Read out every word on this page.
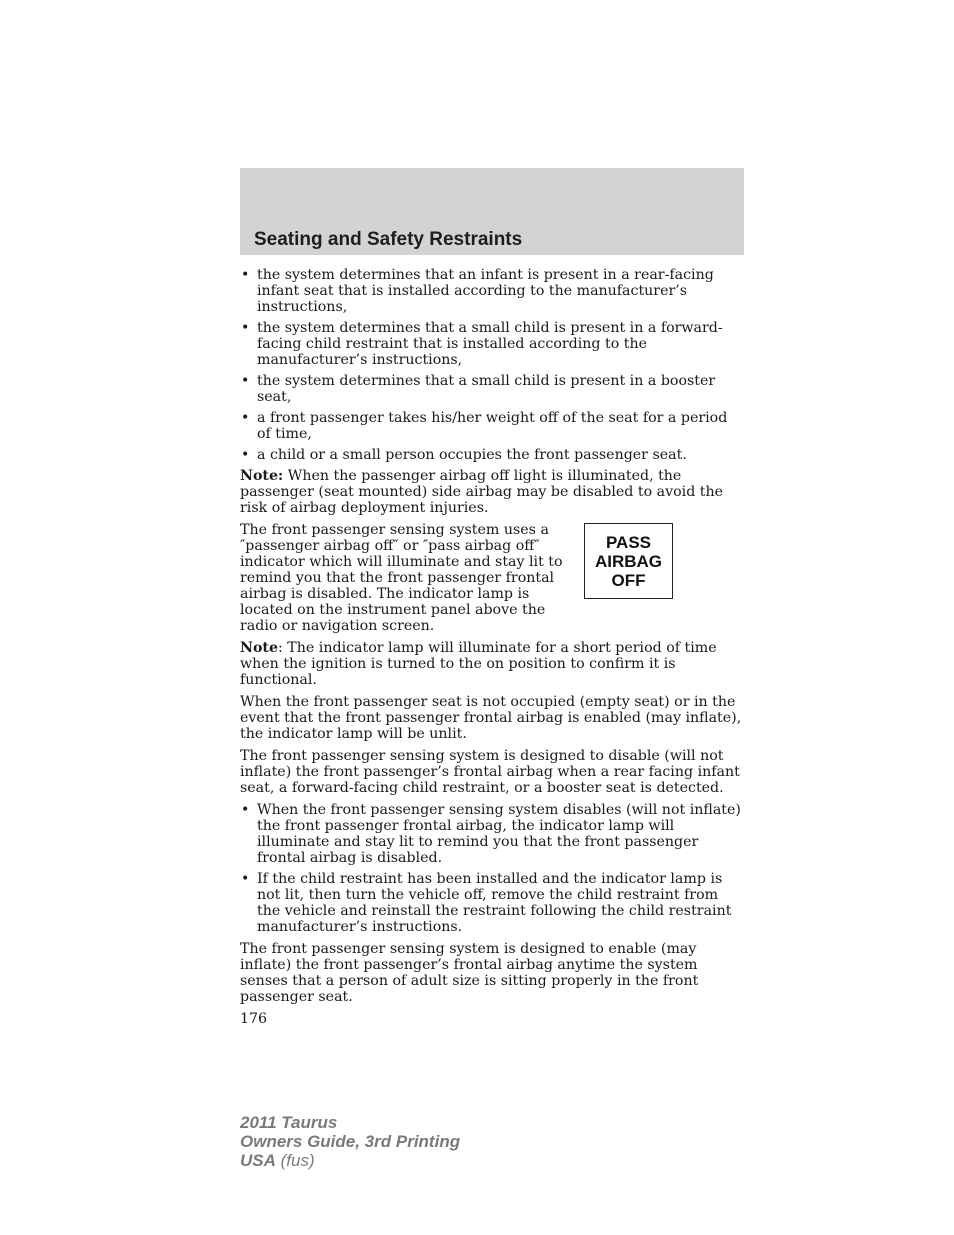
Seating and Safety Restraints
• the system determines that an infant is present in a rear-facing infant seat that is installed according to the manufacturer’s instructions,
• the system determines that a small child is present in a forward-facing child restraint that is installed according to the manufacturer’s instructions,
• the system determines that a small child is present in a booster seat,
• a front passenger takes his/her weight off of the seat for a period of time,
• a child or a small person occupies the front passenger seat.

Note: When the passenger airbag off light is illuminated, the passenger (seat mounted) side airbag may be disabled to avoid the risk of airbag deployment injuries.

PASS
AIRBAG
OFF
The front passenger sensing system uses a ″passenger airbag off″ or ″pass airbag off″ indicator which will illuminate and stay lit to remind you that the front passenger frontal airbag is disabled. The indicator lamp is located on the instrument panel above the radio or navigation screen.

Note: The indicator lamp will illuminate for a short period of time when the ignition is turned to the on position to confirm it is functional.

When the front passenger seat is not occupied (empty seat) or in the event that the front passenger frontal airbag is enabled (may inflate), the indicator lamp will be unlit.

The front passenger sensing system is designed to disable (will not inflate) the front passenger’s frontal airbag when a rear facing infant seat, a forward-facing child restraint, or a booster seat is detected.

• When the front passenger sensing system disables (will not inflate) the front passenger frontal airbag, the indicator lamp will illuminate and stay lit to remind you that the front passenger frontal airbag is disabled.
• If the child restraint has been installed and the indicator lamp is not lit, then turn the vehicle off, remove the child restraint from the vehicle and reinstall the restraint following the child restraint manufacturer’s instructions.

The front passenger sensing system is designed to enable (may inflate) the front passenger’s frontal airbag anytime the system senses that a person of adult size is sitting properly in the front passenger seat.

176

2011 Taurus
Owners Guide, 3rd Printing
USA (fus)
